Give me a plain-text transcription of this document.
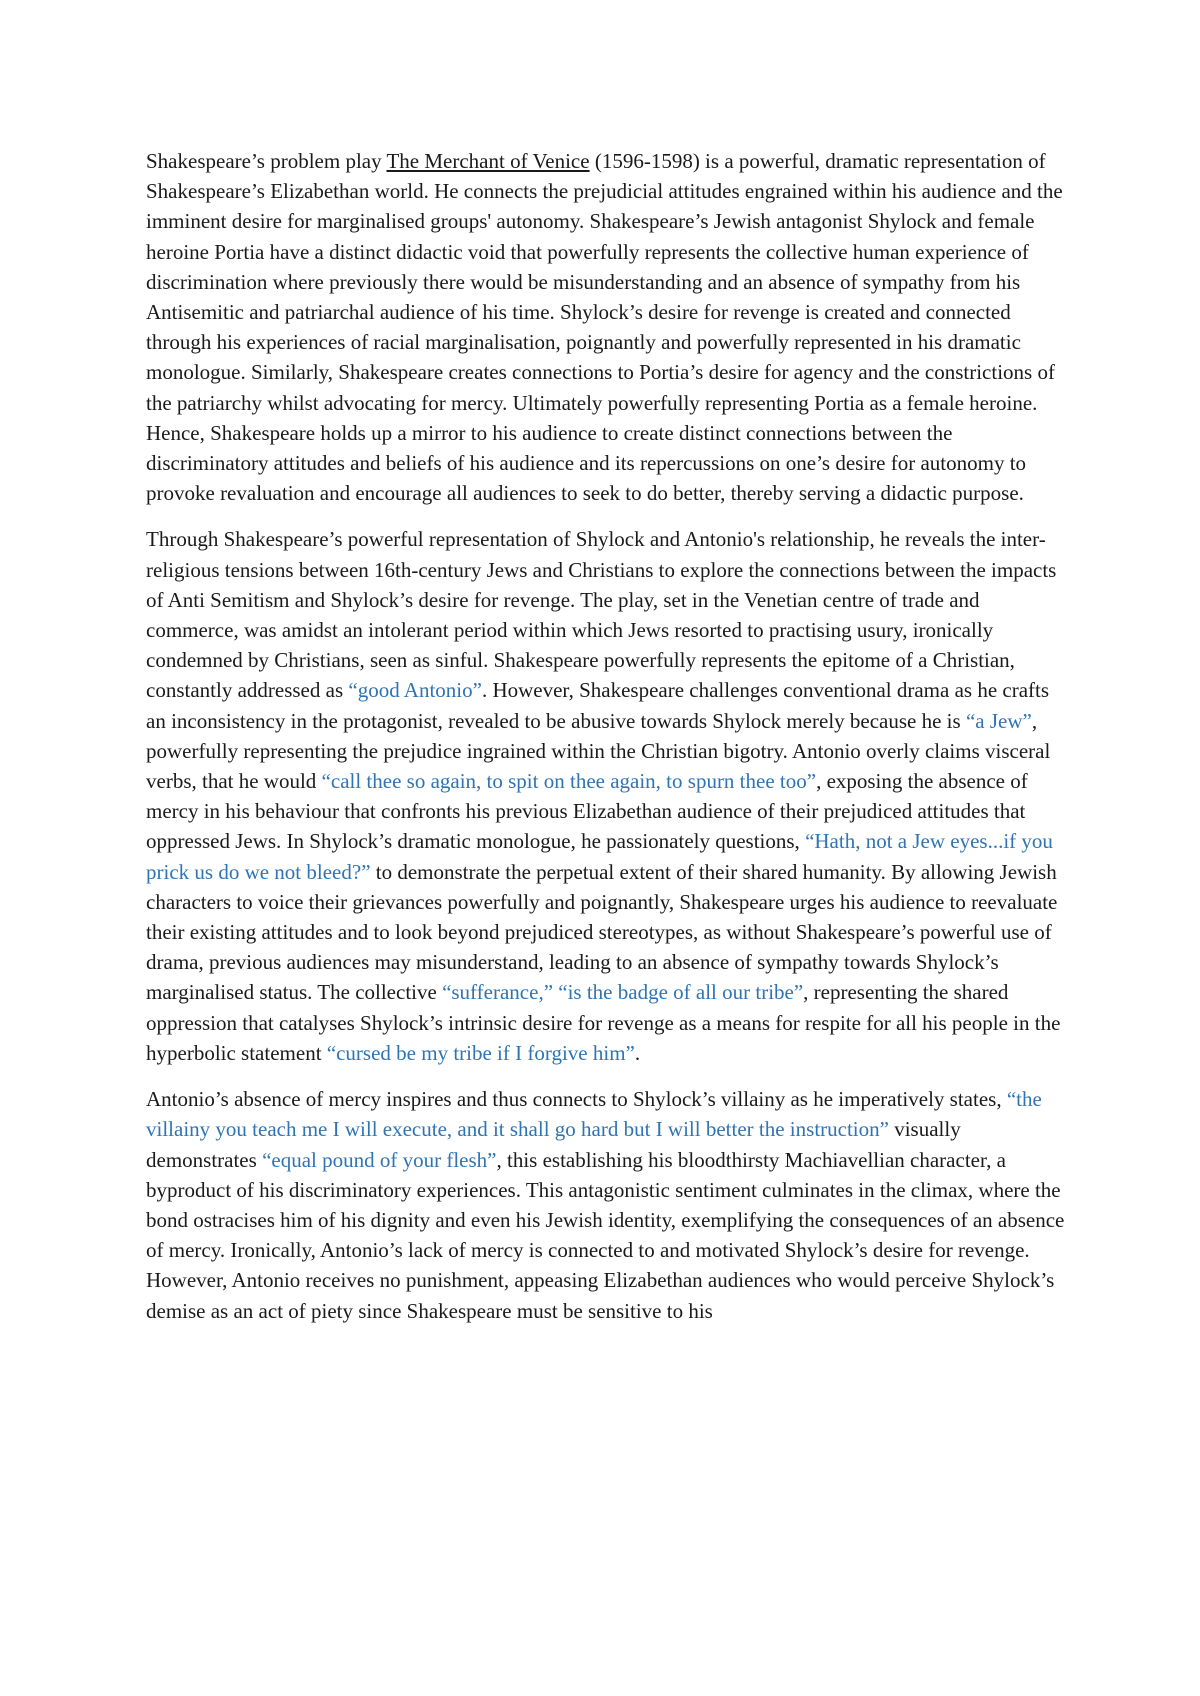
Shakespeare’s problem play The Merchant of Venice (1596-1598) is a powerful, dramatic representation of Shakespeare’s Elizabethan world. He connects the prejudicial attitudes engrained within his audience and the imminent desire for marginalised groups' autonomy. Shakespeare’s Jewish antagonist Shylock and female heroine Portia have a distinct didactic void that powerfully represents the collective human experience of discrimination where previously there would be misunderstanding and an absence of sympathy from his Antisemitic and patriarchal audience of his time. Shylock’s desire for revenge is created and connected through his experiences of racial marginalisation, poignantly and powerfully represented in his dramatic monologue. Similarly, Shakespeare creates connections to Portia’s desire for agency and the constrictions of the patriarchy whilst advocating for mercy. Ultimately powerfully representing Portia as a female heroine. Hence, Shakespeare holds up a mirror to his audience to create distinct connections between the discriminatory attitudes and beliefs of his audience and its repercussions on one’s desire for autonomy to provoke revaluation and encourage all audiences to seek to do better, thereby serving a didactic purpose.

Through Shakespeare’s powerful representation of Shylock and Antonio's relationship, he reveals the inter-religious tensions between 16th-century Jews and Christians to explore the connections between the impacts of Anti Semitism and Shylock’s desire for revenge. The play, set in the Venetian centre of trade and commerce, was amidst an intolerant period within which Jews resorted to practising usury, ironically condemned by Christians, seen as sinful. Shakespeare powerfully represents the epitome of a Christian, constantly addressed as “good Antonio”. However, Shakespeare challenges conventional drama as he crafts an inconsistency in the protagonist, revealed to be abusive towards Shylock merely because he is “a Jew”, powerfully representing the prejudice ingrained within the Christian bigotry. Antonio overly claims visceral verbs, that he would “call thee so again, to spit on thee again, to spurn thee too”, exposing the absence of mercy in his behaviour that confronts his previous Elizabethan audience of their prejudiced attitudes that oppressed Jews. In Shylock’s dramatic monologue, he passionately questions, “Hath, not a Jew eyes...if you prick us do we not bleed?” to demonstrate the perpetual extent of their shared humanity. By allowing Jewish characters to voice their grievances powerfully and poignantly, Shakespeare urges his audience to reevaluate their existing attitudes and to look beyond prejudiced stereotypes, as without Shakespeare’s powerful use of drama, previous audiences may misunderstand, leading to an absence of sympathy towards Shylock’s marginalised status. The collective “sufferance,” “is the badge of all our tribe”, representing the shared oppression that catalyses Shylock’s intrinsic desire for revenge as a means for respite for all his people in the hyperbolic statement “cursed be my tribe if I forgive him”.

Antonio’s absence of mercy inspires and thus connects to Shylock’s villainy as he imperatively states, “the villainy you teach me I will execute, and it shall go hard but I will better the instruction” visually demonstrates “equal pound of your flesh”, this establishing his bloodthirsty Machiavellian character, a byproduct of his discriminatory experiences. This antagonistic sentiment culminates in the climax, where the bond ostracises him of his dignity and even his Jewish identity, exemplifying the consequences of an absence of mercy. Ironically, Antonio’s lack of mercy is connected to and motivated Shylock’s desire for revenge. However, Antonio receives no punishment, appeasing Elizabethan audiences who would perceive Shylock’s demise as an act of piety since Shakespeare must be sensitive to his
